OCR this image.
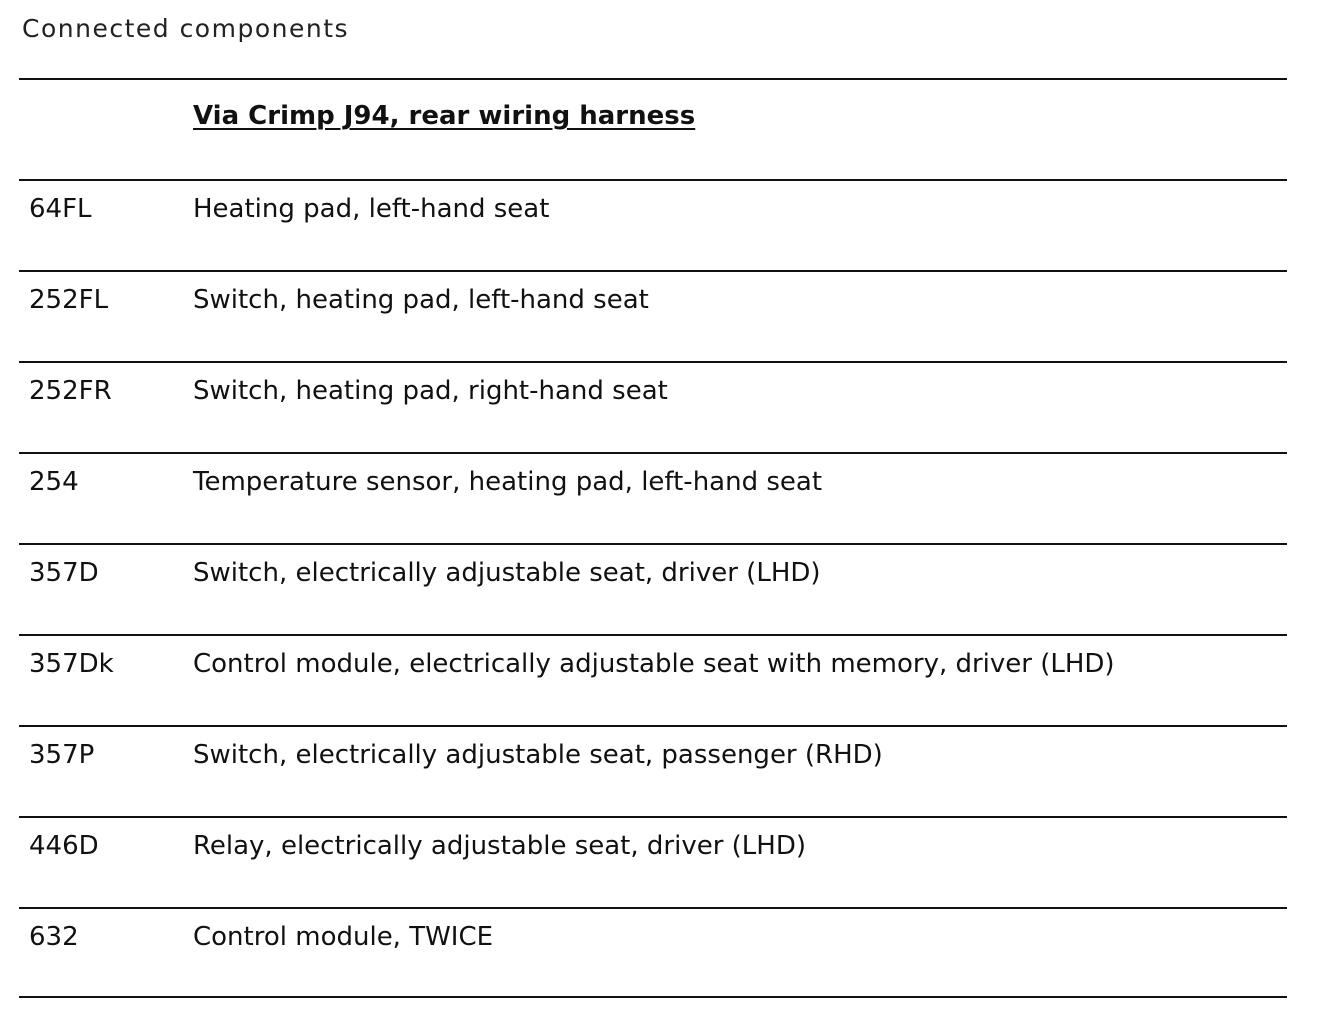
Connected components
Via Crimp J94, rear wiring harness
64FL	Heating pad, left-hand seat
252FL	Switch, heating pad, left-hand seat
252FR	Switch, heating pad, right-hand seat
254	Temperature sensor, heating pad, left-hand seat
357D	Switch, electrically adjustable seat, driver (LHD)
357Dk	Control module, electrically adjustable seat with memory, driver (LHD)
357P	Switch, electrically adjustable seat, passenger (RHD)
446D	Relay, electrically adjustable seat, driver (LHD)
632	Control module, TWICE
